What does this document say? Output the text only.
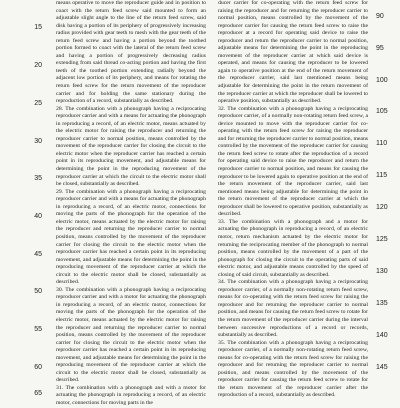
15
20
25
30
35
40
45
50
55
60
65
means operative to move the reproducer guide and in position to coact with the return feed screw said mounted to form an adjustable slight angle to the line of the return feed screw, said disk having a portion of its periphery of progressively increasing radius provided with gear teeth to mesh with the gear teeth of the return feed screw and having a portion beyond the toothed portion formed to coact with the lateral of the return feed screw and having a portion of progressively decreasing radius extending from said thread co-acting portion and having the first teeth of the toothed portion extending radially beyond the adjacent low portion of its periphery, and means for rotating the return feed screw for the return movement of the reproducer carrier and for holding the same stationary during the reproduction of a record, substantially as described.
28. The combination with a phonograph having a reciprocating reproducer carrier and with a means for actuating the phonograph in reproducing a record, of an electric motor, means actuated by the electric motor for raising the reproducer and returning the reproducer carrier to normal position, means controlled by the movement of the reproducer carrier for closing the circuit to the electric motor when the reproducer carrier has reached a certain point in its reproducing movement, and adjustable means for determining the point in the reproducing movement of the reproducer carrier at which the circuit to the electric motor shall be closed, substantially as described.
29. The combination with a phonograph having a reciprocating reproducer carrier and with a means for actuating the phonograph in reproducing a record, of an electric motor, connections for moving the parts of the phonograph for the operation of the electric motor, means actuated by the electric motor for raising the reproducer and returning the reproducer carrier to normal position, means controlled by the movement of the reproducer carrier for closing the circuit to the electric motor when the reproducer carrier has reached a certain point in its reproducing movement, and adjustable means for determining the point in the reproducing movement of the reproducer carrier at which the circuit to the electric motor shall be closed, substantially as described.
30. The combination with a phonograph having a reciprocating reproducer carrier and with a motor for actuating the phonograph in reproducing a record, of an electric motor, connections for moving the parts of the phonograph for the operation of the electric motor, means actuated by the electric motor for raising the reproducer and returning the reproducer carrier to normal position, means controlled by the movement of the reproducer carrier for closing the circuit to the electric motor when the reproducer carrier has reached a certain point in its reproducing movement, and adjustable means for determining the point in the reproducing movement of the reproducer carrier at which the circuit to the electric motor shall be closed, substantially as described.
31. The combination with a phonograph and with a motor for actuating the phonograph in reproducing a record, of an electric motor, connections for moving parts in the
ducer carrier for co-operating with the return feed screw for raising the reproducer and for returning the reproducer carrier to normal position, means controlled by the movement of the reproducer carrier for causing the return feed screw to raise the reproducer at a record for operating said device to raise the reproducer and return the reproducer carrier to normal position, adjustable means for determining the point in the reproducing movement of the reproducer carrier at which said device is operated, and means for causing the reproducer to be lowered again to operative position at the end of the return movement of the reproducer carrier, said last mentioned means being adjustable for determining the point in the return movement of the reproducer carrier at which the reproducer shall be lowered to operative position, substantially as described.
32. The combination with a phonograph having a reciprocating reproducer carrier, of a normally non-rotating return feed screw, a device mounted to move with the reproducer carrier for co-operating with the return feed screw for raising the reproducer and for returning the reproducer carrier to normal position, means controlled by the movement of the reproducer carrier for causing the return feed screw to rotate after the reproduction of a record for operating said device to raise the reproducer and return the reproducer carrier to normal position, and means for causing the reproducer to be lowered again to operative position at the end of the return movement of the reproducer carrier, said last mentioned means being adjustable for determining the point in the return movement of the reproducer carrier at which the reproducer shall be lowered to operative position, substantially as described.
33. The combination with a phonograph and a motor for actuating the phonograph in reproducing a record, of an electric motor, return mechanism actuated by the electric motor for returning the reciprocating member of the phonograph to normal position, means controlled by the movement of a part of the phonograph for closing the circuit to the operating parts of said electric motor, and adjustable means controlled by the speed of closing of said circuit, substantially as described.
34. The combination with a phonograph having a reciprocating reproducer carrier, of a normally non-rotating return feed screw, means for co-operating with the return feed screw for raising the reproducer and for returning the reproducer carrier to normal position, and means for causing the return feed screw to rotate for the return movement of the reproducer carrier during the interval between successive reproductions of a record or records, substantially as described.
35. The combination with a phonograph having a reciprocating reproducer carrier, of a normally non-rotating return feed screw, means for co-operating with the return feed screw for raising the reproducer and for returning the reproducer carrier to normal position, and means controlled by the movement of the reproducer carrier for causing the return feed screw to rotate for the return movement of the reproducer carrier after the reproduction of a record, substantially as described.
90
95
100
105
110
115
120
125
130
135
140
145
